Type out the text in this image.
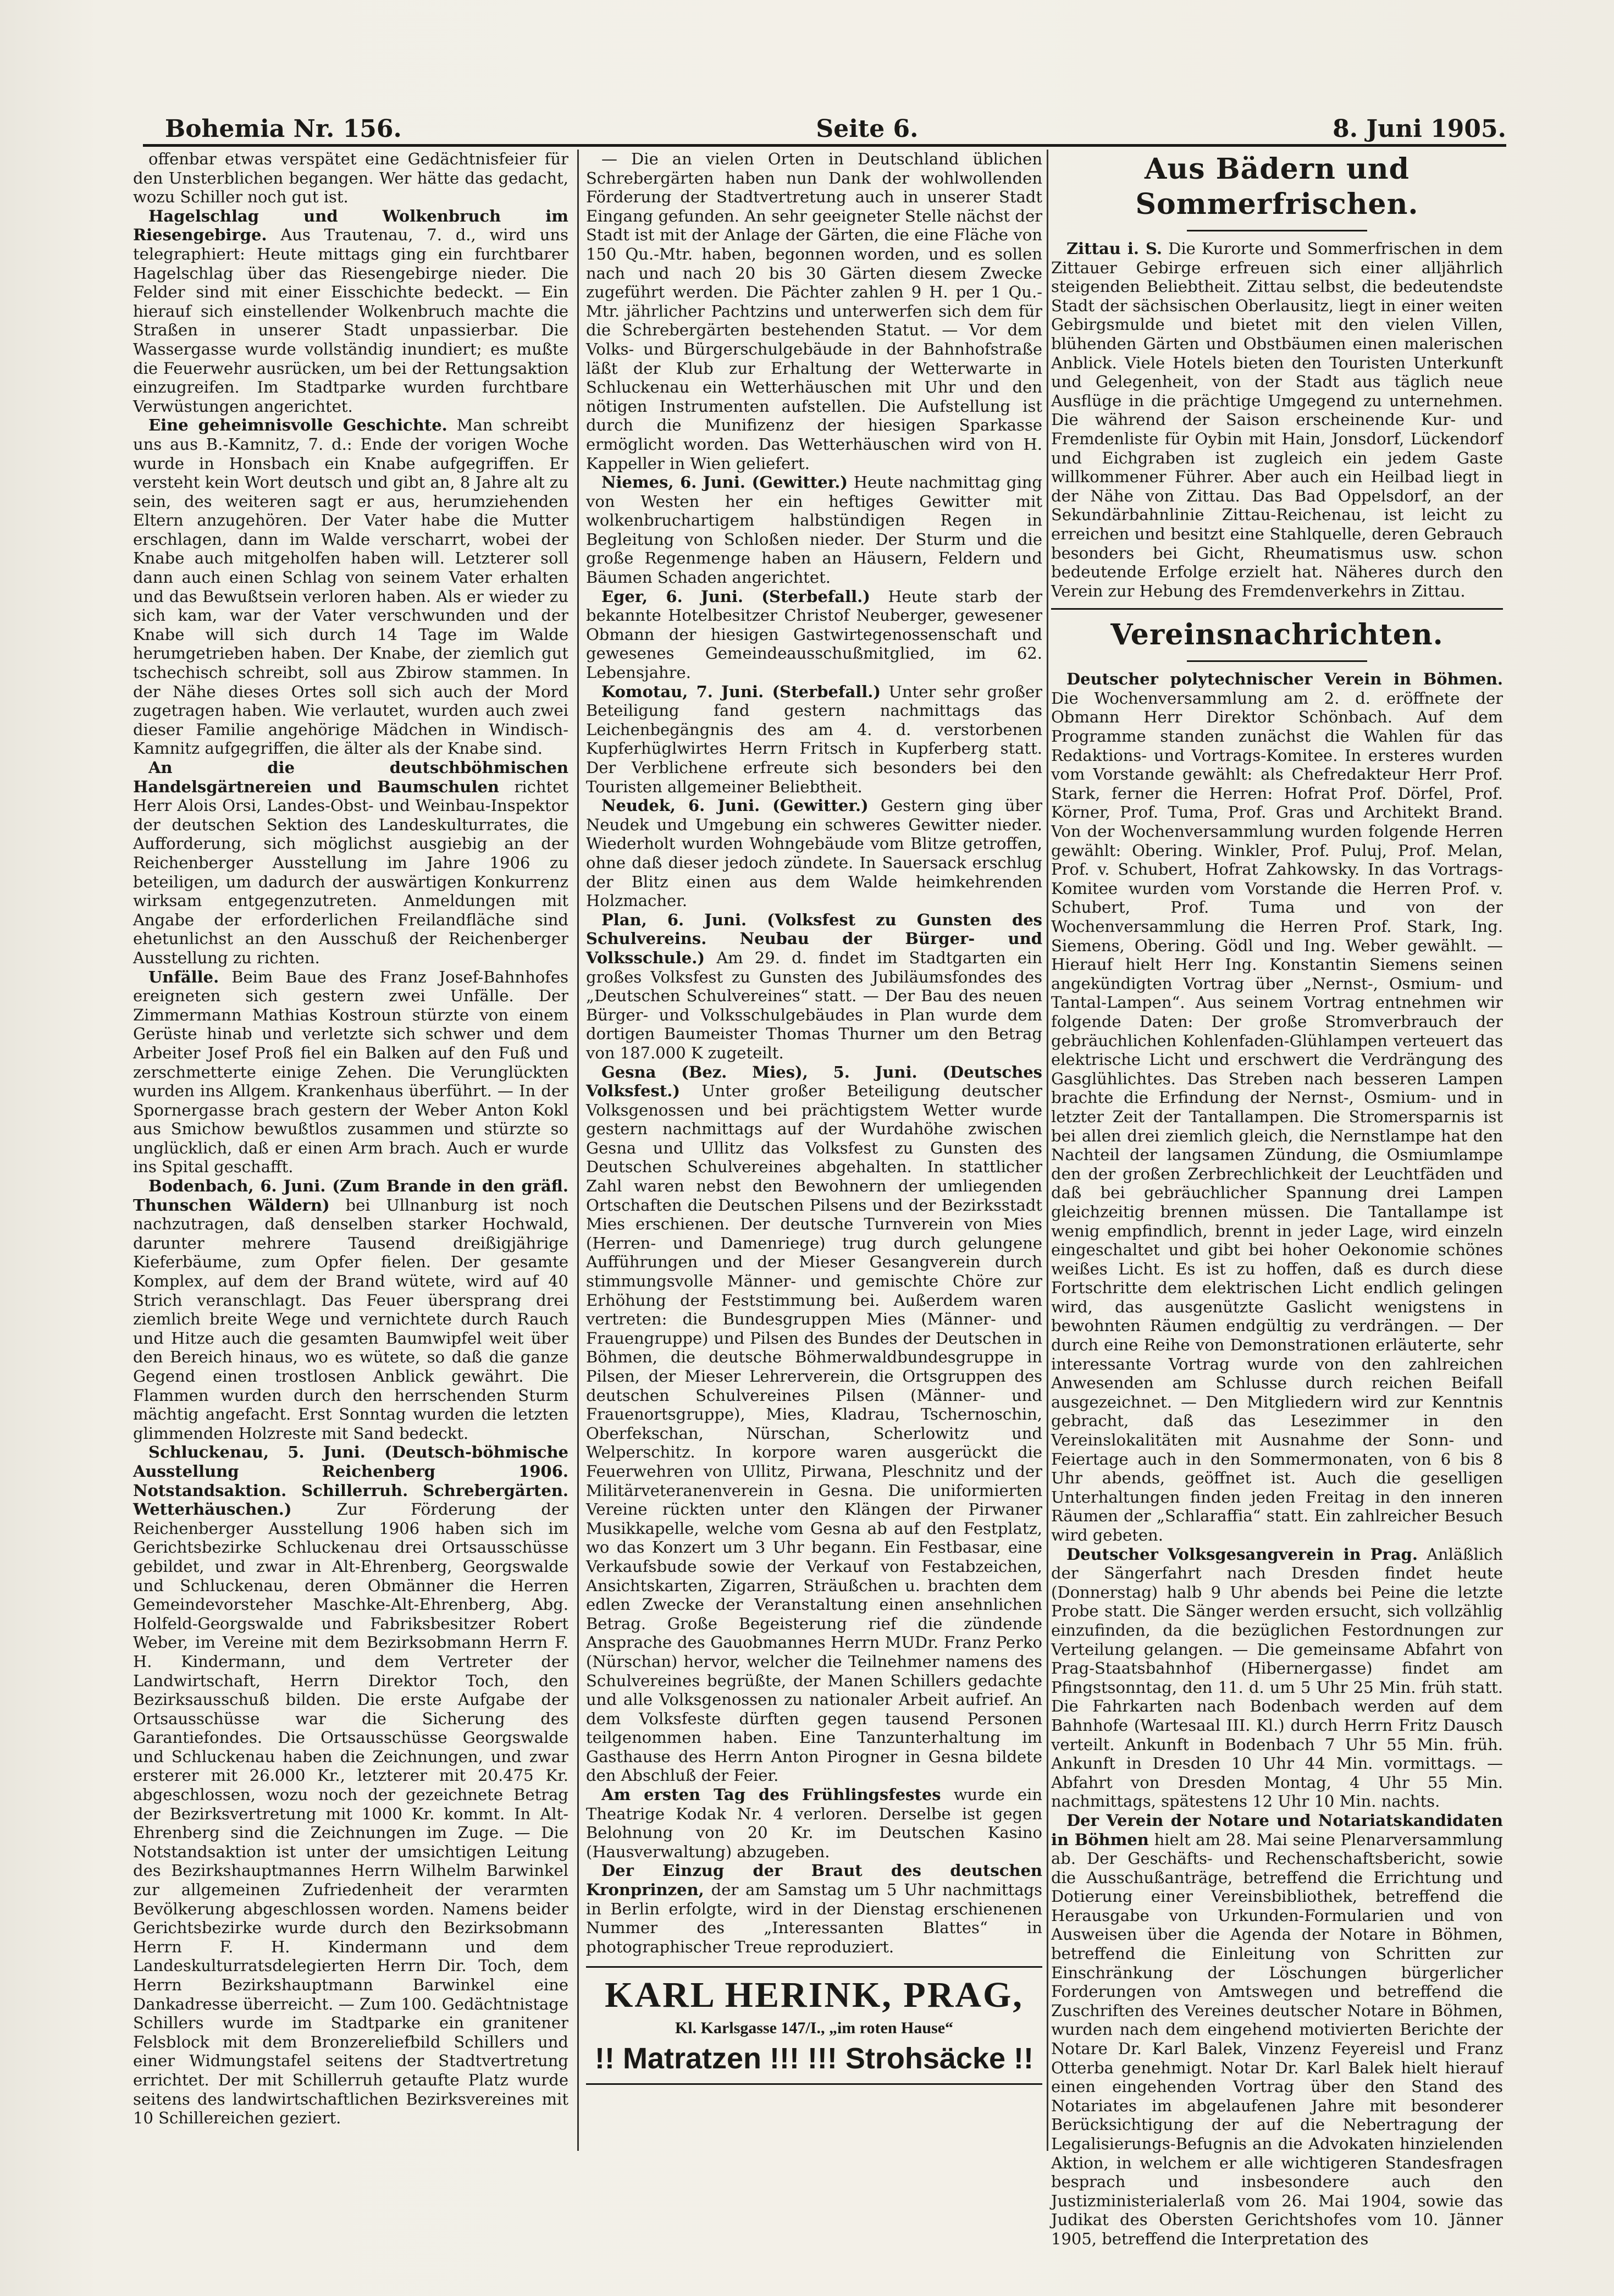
Bohemia Nr. 156.	Seite 6.	8. Juni 1905.

offenbar etwas verspätet eine Gedächtnisfeier für den Unsterblichen begangen. Wer hätte das gedacht, wozu Schiller noch gut ist.

Hagelschlag und Wolkenbruch im Riesengebirge. Aus Trautenau, 7. d., wird uns telegraphiert: Heute mittags ging ein furchtbarer Hagelschlag über das Riesengebirge nieder. Die Felder sind mit einer Eisschichte bedeckt. — Ein hierauf sich einstellender Wolkenbruch machte die Straßen in unserer Stadt unpassierbar. Die Wassergasse wurde vollständig inundiert; es mußte die Feuerwehr ausrücken, um bei der Rettungsaktion einzugreifen. Im Stadtparke wurden furchtbare Verwüstungen angerichtet.

Eine geheimnisvolle Geschichte. Man schreibt uns aus B.-Kamnitz, 7. d.: Ende der vorigen Woche wurde in Honsbach ein Knabe aufgegriffen. Er versteht kein Wort deutsch und gibt an, 8 Jahre alt zu sein, des weiteren sagt er aus, herumziehenden Eltern anzugehören. Der Vater habe die Mutter erschlagen, dann im Walde verscharrt, wobei der Knabe auch mitgeholfen haben will. Letzterer soll dann auch einen Schlag von seinem Vater erhalten und das Bewußtsein verloren haben. Als er wieder zu sich kam, war der Vater verschwunden und der Knabe will sich durch 14 Tage im Walde herumgetrieben haben. Der Knabe, der ziemlich gut tschechisch schreibt, soll aus Zbirow stammen. In der Nähe dieses Ortes soll sich auch der Mord zugetragen haben. Wie verlautet, wurden auch zwei dieser Familie angehörige Mädchen in Windisch-Kamnitz aufgegriffen, die älter als der Knabe sind.

An die deutschböhmischen Handelsgärtnereien und Baumschulen richtet Herr Alois Orsi, Landes-Obst- und Weinbau-Inspektor der deutschen Sektion des Landeskulturrates, die Aufforderung, sich möglichst ausgiebig an der Reichenberger Ausstellung im Jahre 1906 zu beteiligen, um dadurch der auswärtigen Konkurrenz wirksam entgegenzutreten. Anmeldungen mit Angabe der erforderlichen Freilandfläche sind ehetunlichst an den Ausschuß der Reichenberger Ausstellung zu richten.

Unfälle. Beim Baue des Franz Josef-Bahnhofes ereigneten sich gestern zwei Unfälle. Der Zimmermann Mathias Kostroun stürzte von einem Gerüste hinab und verletzte sich schwer und dem Arbeiter Josef Proß fiel ein Balken auf den Fuß und zerschmetterte einige Zehen. Die Verunglückten wurden ins Allgem. Krankenhaus überführt. — In der Spornergasse brach gestern der Weber Anton Kokl aus Smichow bewußtlos zusammen und stürzte so unglücklich, daß er einen Arm brach. Auch er wurde ins Spital geschafft.

Bodenbach, 6. Juni. (Zum Brande in den gräfl. Thunschen Wäldern) bei Ullnanburg ist noch nachzutragen, daß denselben starker Hochwald, darunter mehrere Tausend dreißigjährige Kieferbäume, zum Opfer fielen. Der gesamte Komplex, auf dem der Brand wütete, wird auf 40 Strich veranschlagt. Das Feuer übersprang drei ziemlich breite Wege und vernichtete durch Rauch und Hitze auch die gesamten Baumwipfel weit über den Bereich hinaus, wo es wütete, so daß die ganze Gegend einen trostlosen Anblick gewährt. Die Flammen wurden durch den herrschenden Sturm mächtig angefacht. Erst Sonntag wurden die letzten glimmenden Holzreste mit Sand bedeckt.

Schluckenau, 5. Juni. (Deutsch-böhmische Ausstellung Reichenberg 1906. Notstandsaktion. Schillerruh. Schrebergärten. Wetterhäuschen.)	Zur Förderung der Reichenberger Ausstellung 1906 haben sich im Gerichtsbezirke Schluckenau drei Ortsausschüsse gebildet, und zwar in Alt-Ehrenberg, Georgswalde und Schluckenau, deren Obmänner die Herren Gemeindevorsteher Maschke-Alt-Ehrenberg, Abg. Holfeld-Georgswalde und Fabriksbesitzer Robert Weber, im Vereine mit dem Bezirksobmann Herrn F. H. Kindermann, und dem Vertreter der Landwirtschaft, Herrn Direktor Toch, den Bezirksausschuß bilden. Die erste Aufgabe der Ortsausschüsse war die Sicherung des Garantiefondes. Die Ortsausschüsse Georgswalde und Schluckenau haben die Zeichnungen, und zwar ersterer mit 26.000 Kr., letzterer mit 20.475 Kr. abgeschlossen, wozu noch der gezeichnete Betrag der Bezirksvertretung mit 1000 Kr. kommt. In Alt-Ehrenberg sind die Zeichnungen im Zuge. — Die Notstandsaktion ist unter der umsichtigen Leitung des Bezirkshauptmannes Herrn Wilhelm Barwinkel zur allgemeinen Zufriedenheit der verarmten Bevölkerung abgeschlossen worden. Namens beider Gerichtsbezirke wurde durch den Bezirksobmann Herrn F. H. Kindermann und dem Landeskulturratsdelegierten Herrn Dir. Toch, dem Herrn Bezirkshauptmann Barwinkel eine Dankadresse überreicht. — Zum 100. Gedächtnistage Schillers wurde im Stadtparke ein granitener Felsblock mit dem Bronzereliefbild Schillers und einer Widmungstafel seitens der Stadtvertretung errichtet. Der mit Schillerruh getaufte Platz wurde seitens des landwirtschaftlichen Bezirksvereines mit 10 Schillereichen geziert.

— Die an vielen Orten in Deutschland üblichen Schrebergärten haben nun Dank der wohlwollenden Förderung der Stadtvertretung auch in unserer Stadt Eingang gefunden. An sehr geeigneter Stelle nächst der Stadt ist mit der Anlage der Gärten, die eine Fläche von 150 Qu.-Mtr. haben, begonnen worden, und es sollen nach und nach 20 bis 30 Gärten diesem Zwecke zugeführt werden. Die Pächter zahlen 9 H. per 1 Qu.-Mtr. jährlicher Pachtzins und unterwerfen sich dem für die Schrebergärten bestehenden Statut. — Vor dem Volks- und Bürgerschulgebäude in der Bahnhofstraße läßt der Klub zur Erhaltung der Wetterwarte in Schluckenau ein Wetterhäuschen mit Uhr und den nötigen Instrumenten aufstellen. Die Aufstellung ist durch die Munifizenz der hiesigen Sparkasse ermöglicht worden. Das Wetterhäuschen wird von H. Kappeller in Wien geliefert.

Niemes, 6. Juni. (Gewitter.) Heute nachmittag ging von Westen her ein heftiges Gewitter mit wolkenbruchartigem halbstündigen Regen in Begleitung von Schloßen nieder. Der Sturm und die große Regenmenge haben an Häusern, Feldern und Bäumen Schaden angerichtet.

Eger, 6. Juni. (Sterbefall.) Heute starb der bekannte Hotelbesitzer Christof Neuberger, gewesener Obmann der hiesigen Gastwirtegenossenschaft und gewesenes Gemeindeausschußmitglied, im 62. Lebensjahre.

Komotau, 7. Juni. (Sterbefall.) Unter sehr großer Beteiligung fand gestern nachmittags das Leichenbegängnis des am 4. d. verstorbenen Kupferhüglwirtes Herrn Fritsch in Kupferberg statt. Der Verblichene erfreute sich besonders bei den Touristen allgemeiner Beliebtheit.

Neudek, 6. Juni. (Gewitter.) Gestern ging über Neudek und Umgebung ein schweres Gewitter nieder. Wiederholt wurden Wohngebäude vom Blitze getroffen, ohne daß dieser jedoch zündete. In Sauersack erschlug der Blitz einen aus dem Walde heimkehrenden Holzmacher.

Plan, 6. Juni. (Volksfest zu Gunsten des Schulvereins. Neubau der Bürger- und Volksschule.) Am 29. d. findet im Stadtgarten ein großes Volksfest zu Gunsten des Jubiläumsfondes des „Deutschen Schulvereines“ statt. — Der Bau des neuen Bürger- und Volksschulgebäudes in Plan wurde dem dortigen Baumeister Thomas Thurner um den Betrag von 187.000 K zugeteilt.

Gesna (Bez. Mies), 5. Juni. (Deutsches Volksfest.) Unter großer Beteiligung deutscher Volksgenossen und bei prächtigstem Wetter wurde gestern nachmittags auf der Wurdahöhe zwischen Gesna und Ullitz das Volksfest zu Gunsten des Deutschen Schulvereines abgehalten. In stattlicher Zahl waren nebst den Bewohnern der umliegenden Ortschaften die Deutschen Pilsens und der Bezirksstadt Mies erschienen. Der deutsche Turnverein von Mies (Herren- und Damenriege) trug durch gelungene Aufführungen und der Mieser Gesangverein durch stimmungsvolle Männer- und gemischte Chöre zur Erhöhung der Feststimmung bei. Außerdem waren vertreten: die Bundesgruppen Mies (Männer- und Frauengruppe) und Pilsen des Bundes der Deutschen in Böhmen, die deutsche Böhmerwaldbundesgruppe in Pilsen, der Mieser Lehrerverein, die Ortsgruppen des deutschen Schulvereines Pilsen (Männer- und Frauenortsgruppe), Mies, Kladrau, Tschernoschin, Oberfekschan, Nürschan, Scherlowitz und Welperschitz. In korpore waren ausgerückt die Feuerwehren von Ullitz, Pirwana, Pleschnitz und der Militärveteranenverein in Gesna. Die uniformierten Vereine rückten unter den Klängen der Pirwaner Musikkapelle, welche vom Gesna ab auf den Festplatz, wo das Konzert um 3 Uhr begann. Ein Festbasar, eine Verkaufsbude sowie der Verkauf von Festabzeichen, Ansichtskarten, Zigarren, Sträußchen u. brachten dem edlen Zwecke der Veranstaltung einen ansehnlichen Betrag. Große Begeisterung rief die zündende Ansprache des Gauobmannes Herrn MUDr. Franz Perko (Nürschan) hervor, welcher die Teilnehmer namens des Schulvereines begrüßte, der Manen Schillers gedachte und alle Volksgenossen zu nationaler Arbeit aufrief. An dem Volksfeste dürften gegen tausend Personen teilgenommen haben. Eine Tanzunterhaltung im Gasthause des Herrn Anton Pirogner in Gesna bildete den Abschluß der Feier.

Am ersten Tag des Frühlingsfestes wurde ein Theatrige Kodak Nr. 4 verloren. Derselbe ist gegen Belohnung von 20 Kr. im Deutschen Kasino (Hausverwaltung) abzugeben.

Der Einzug der Braut des deutschen Kronprinzen, der am Samstag um 5 Uhr nachmittags in Berlin erfolgte, wird in der Dienstag erschienenen Nummer des „Interessanten Blattes“ in photographischer Treue reproduziert.

KARL HERINK, PRAG,
Kl. Karlsgasse 147/I., „im roten Hause“
!! Matratzen !!! !!! Strohsäcke !!
Aus Bädern und Sommerfrischen.

Zittau i. S. Die Kurorte und Sommerfrischen in dem Zittauer Gebirge erfreuen sich einer alljährlich steigenden Beliebtheit. Zittau selbst, die bedeutendste Stadt der sächsischen Oberlausitz, liegt in einer weiten Gebirgsmulde und bietet mit den vielen Villen, blühenden Gärten und Obstbäumen einen malerischen Anblick. Viele Hotels bieten den Touristen Unterkunft und Gelegenheit, von der Stadt aus täglich neue Ausflüge in die prächtige Umgegend zu unternehmen. Die während der Saison erscheinende Kur- und Fremdenliste für Oybin mit Hain, Jonsdorf, Lückendorf und Eichgraben ist zugleich ein jedem Gaste willkommener Führer. Aber auch ein Heilbad liegt in der Nähe von Zittau. Das Bad Oppelsdorf, an der Sekundärbahnlinie Zittau-Reichenau, ist leicht zu erreichen und besitzt eine Stahlquelle, deren Gebrauch besonders bei Gicht, Rheumatismus usw. schon bedeutende Erfolge erzielt hat. Näheres durch den Verein zur Hebung des Fremdenverkehrs in Zittau.

Vereinsnachrichten.

Deutscher polytechnischer Verein in Böhmen. Die Wochenversammlung am 2. d. eröffnete der Obmann Herr Direktor Schönbach. Auf dem Programme standen zunächst die Wahlen für das Redaktions- und Vortrags-Komitee. In ersteres wurden vom Vorstande gewählt: als Chefredakteur Herr Prof. Stark, ferner die Herren: Hofrat Prof. Dörfel, Prof. Körner, Prof. Tuma, Prof. Gras und Architekt Brand. Von der Wochenversammlung wurden folgende Herren gewählt: Obering. Winkler, Prof. Puluj, Prof. Melan, Prof. v. Schubert, Hofrat Zahkowsky. In das Vortrags-Komitee wurden vom Vorstande die Herren Prof. v. Schubert, Prof. Tuma und von der Wochenversammlung die Herren Prof. Stark, Ing. Siemens, Obering. Gödl und Ing. Weber gewählt. — Hierauf hielt Herr Ing. Konstantin Siemens seinen angekündigten Vortrag über „Nernst-, Osmium- und Tantal-Lampen“. Aus seinem Vortrag entnehmen wir folgende Daten: Der große Stromverbrauch der gebräuchlichen Kohlenfaden-Glühlampen verteuert das elektrische Licht und erschwert die Verdrängung des Gasglühlichtes. Das Streben nach besseren Lampen brachte die Erfindung der Nernst-, Osmium- und in letzter Zeit der Tantallampen. Die Stromersparnis ist bei allen drei ziemlich gleich, die Nernstlampe hat den Nachteil der langsamen Zündung, die Osmiumlampe den der großen Zerbrechlichkeit der Leuchtfäden und daß bei gebräuchlicher Spannung drei Lampen gleichzeitig brennen müssen. Die Tantallampe ist wenig empfindlich, brennt in jeder Lage, wird einzeln eingeschaltet und gibt bei hoher Oekonomie schönes weißes Licht. Es ist zu hoffen, daß es durch diese Fortschritte dem elektrischen Licht endlich gelingen wird, das ausgenützte Gaslicht wenigstens in bewohnten Räumen endgültig zu verdrängen. — Der durch eine Reihe von Demonstrationen erläuterte, sehr interessante Vortrag wurde von den zahlreichen Anwesenden am Schlusse durch reichen Beifall ausgezeichnet. — Den Mitgliedern wird zur Kenntnis gebracht, daß das Lesezimmer in den Vereinslokalitäten mit Ausnahme der Sonn- und Feiertage auch in den Sommermonaten, von 6 bis 8 Uhr abends, geöffnet ist. Auch die geselligen Unterhaltungen finden jeden Freitag in den inneren Räumen der „Schlaraffia“ statt. Ein zahlreicher Besuch wird gebeten.

Deutscher Volksgesangverein in Prag. Anläßlich der Sängerfahrt nach Dresden findet heute (Donnerstag) halb 9 Uhr abends bei Peine die letzte Probe statt. Die Sänger werden ersucht, sich vollzählig einzufinden, da die bezüglichen Festordnungen zur Verteilung gelangen. — Die gemeinsame Abfahrt von Prag-Staatsbahnhof (Hibernergasse) findet am Pfingstsonntag, den 11. d. um 5 Uhr 25 Min. früh statt. Die Fahrkarten nach Bodenbach werden auf dem Bahnhofe (Wartesaal III. Kl.) durch Herrn Fritz Dausch verteilt. Ankunft in Bodenbach 7 Uhr 55 Min. früh. Ankunft in Dresden 10 Uhr 44 Min. vormittags. — Abfahrt von Dresden Montag, 4 Uhr 55 Min. nachmittags, spätestens 12 Uhr 10 Min. nachts.

Der Verein der Notare und Notariatskandidaten in Böhmen hielt am 28. Mai seine Plenarversammlung ab. Der Geschäfts- und Rechenschaftsbericht, sowie die Ausschußanträge, betreffend die Errichtung und Dotierung einer Vereinsbibliothek, betreffend die Herausgabe von Urkunden-Formularien und von Ausweisen über die Agenda der Notare in Böhmen, betreffend die Einleitung von Schritten zur Einschränkung der Löschungen bürgerlicher Forderungen von Amtswegen und betreffend die Zuschriften des Vereines deutscher Notare in Böhmen, wurden nach dem eingehend motivierten Berichte der Notare Dr. Karl Balek, Vinzenz Feyereisl und Franz Otterba genehmigt. Notar Dr. Karl Balek hielt hierauf einen eingehenden Vortrag über den Stand des Notariates im abgelaufenen Jahre mit besonderer Berücksichtigung der auf die Nebertragung der Legalisierungs-Befugnis an die Advokaten hinzielenden Aktion, in welchem er alle wichtigeren Standesfragen besprach und insbesondere auch den Justizministerialerlaß vom 26. Mai 1904, sowie das Judikat des Obersten Gerichtshofes vom 10. Jänner 1905, betreffend die Interpretation des
